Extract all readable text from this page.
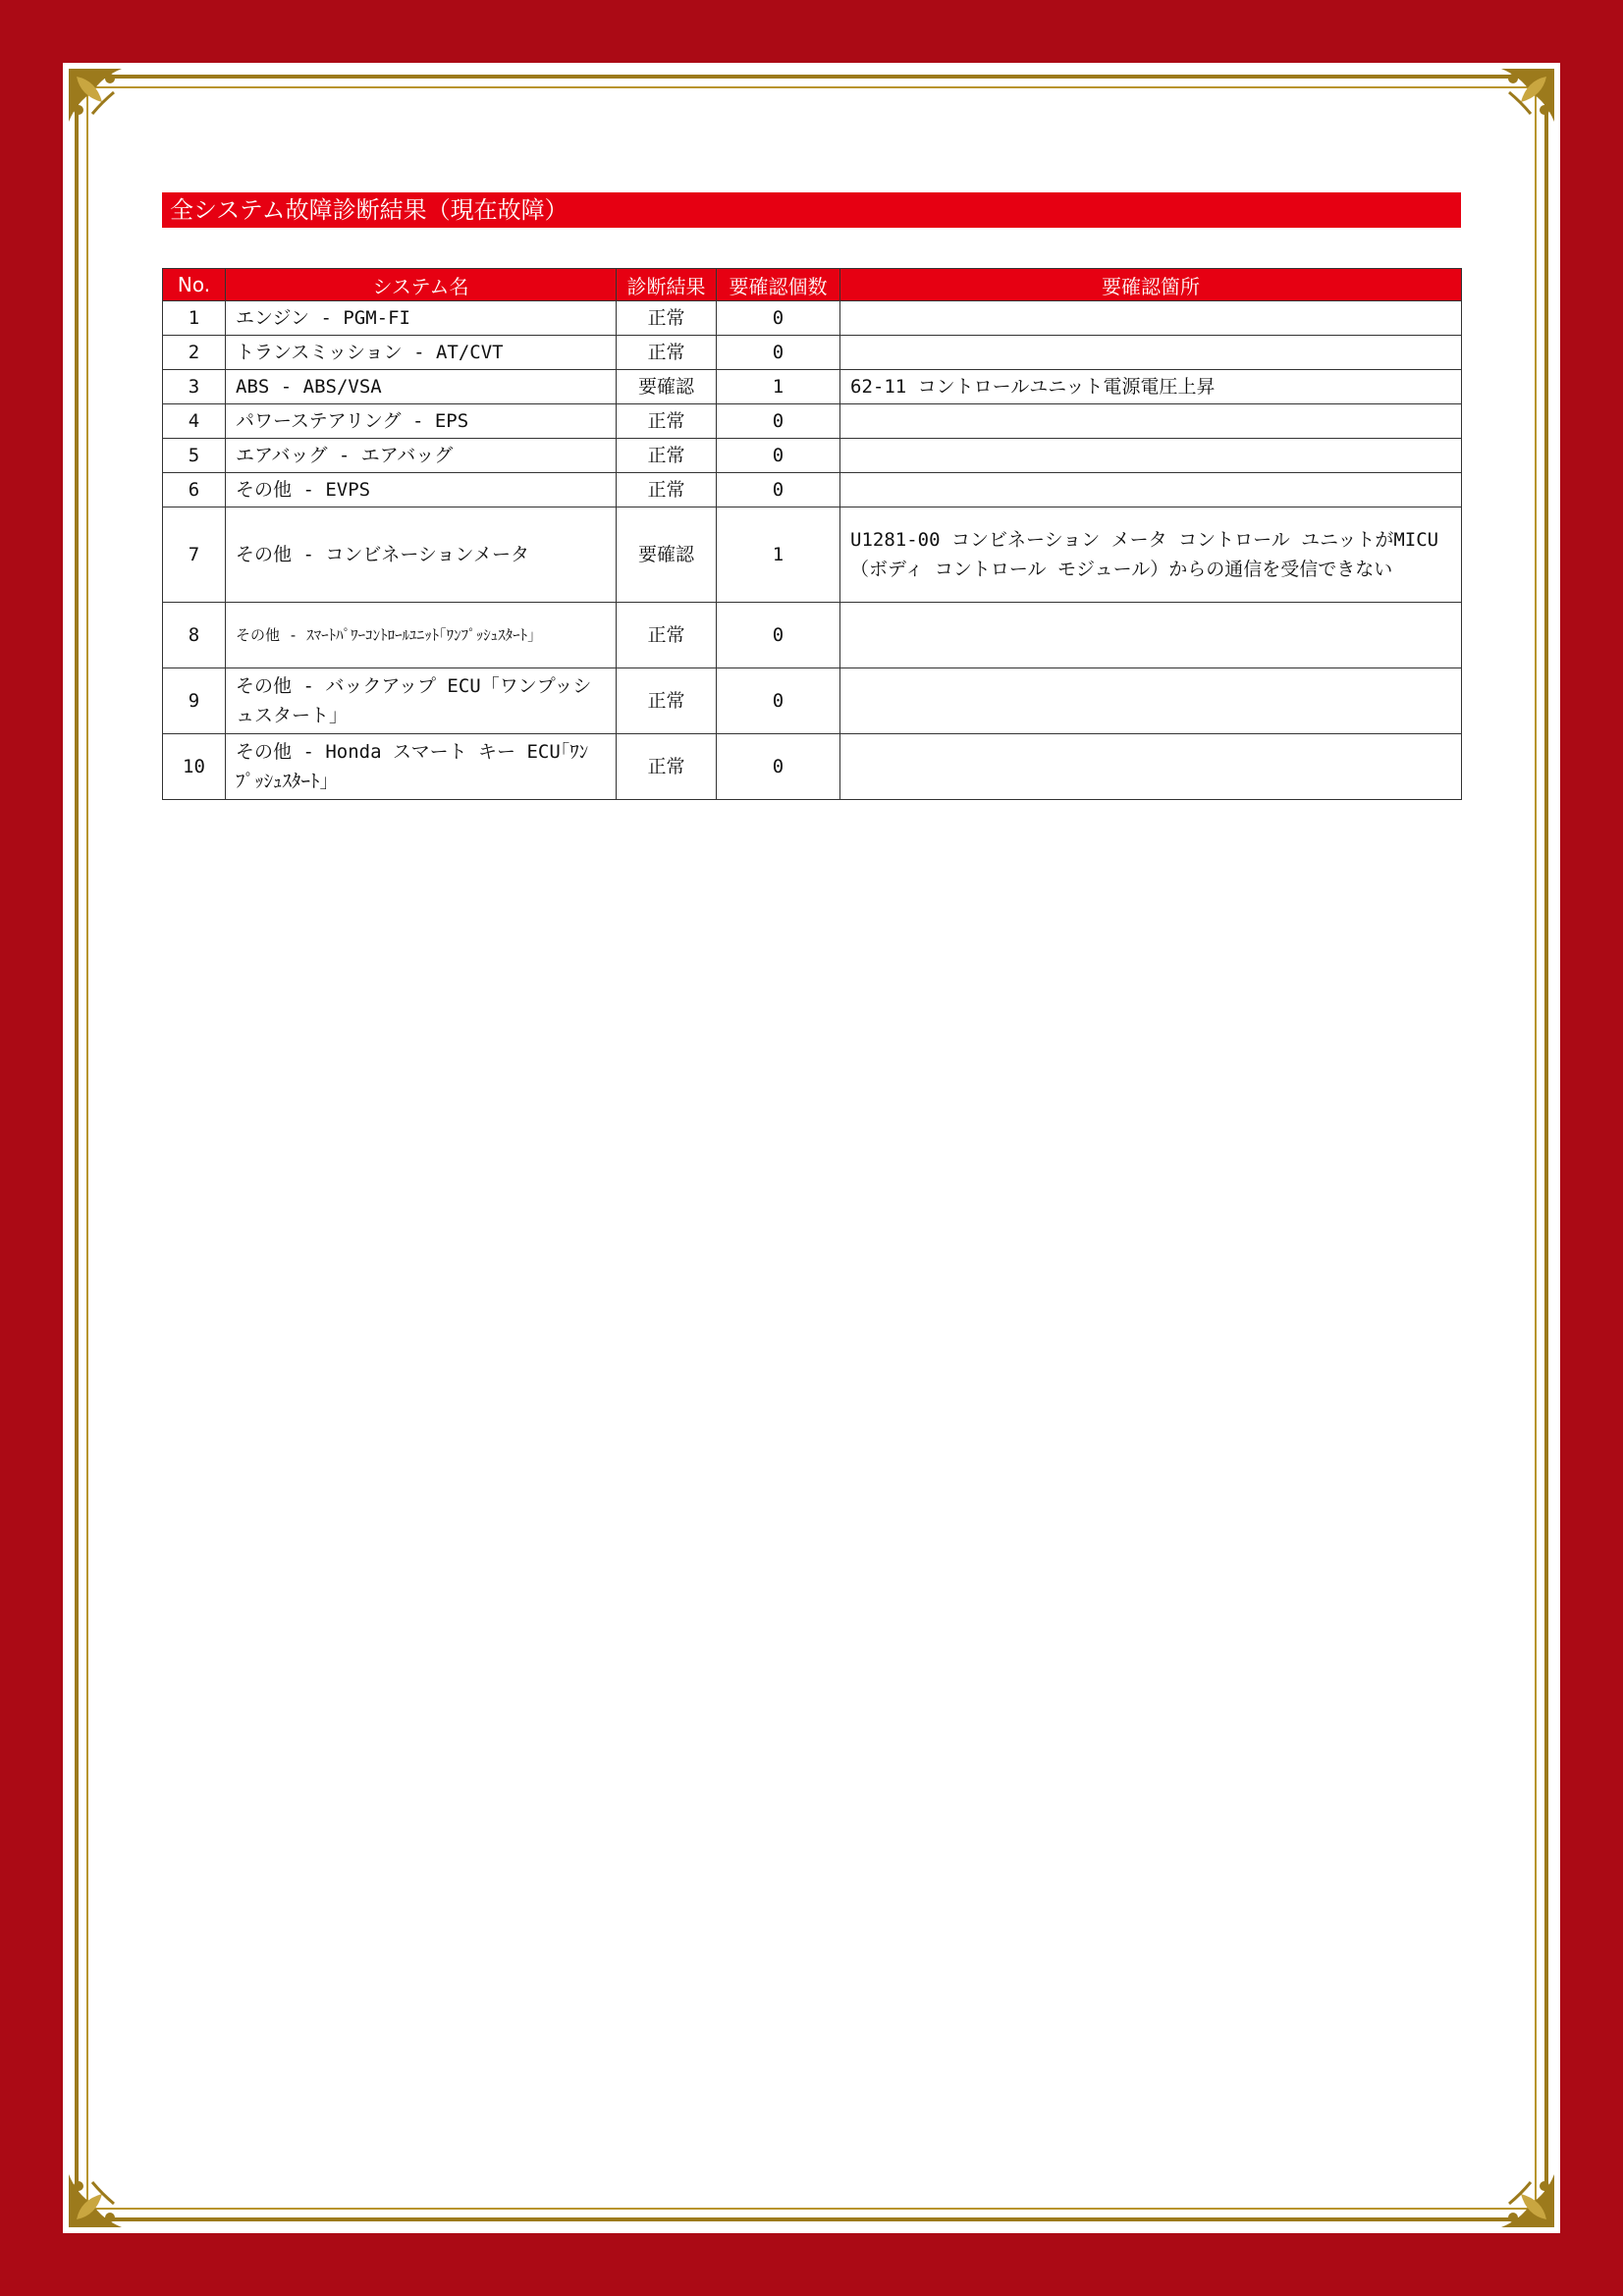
全システム故障診断結果（現在故障）
No.	システム名	診断結果	要確認個数	要確認箇所
1	エンジン - PGM-FI	正常	0	
2	トランスミッション - AT/CVT	正常	0	
3	ABS - ABS/VSA	要確認	1	62-11 コントロールユニット電源電圧上昇
4	パワーステアリング - EPS	正常	0	
5	エアバッグ - エアバッグ	正常	0	
6	その他 - EVPS	正常	0	
7	その他 - コンビネーションメータ	要確認	1	U1281-00 コンビネーション メータ コントロール ユニットがMICU（ボディ コントロール モジュール）からの通信を受信できない
8	その他 - ｽﾏｰﾄﾊﾟﾜｰｺﾝﾄﾛｰﾙﾕﾆｯﾄ｢ﾜﾝﾌﾟｯｼｭｽﾀｰﾄ｣	正常	0	
9	その他 - バックアップ ECU「ワンプッシュスタート」	正常	0	
10	その他 - Honda スマート キー ECU｢ﾜﾝﾌﾟｯｼｭｽﾀｰﾄ｣	正常	0	
